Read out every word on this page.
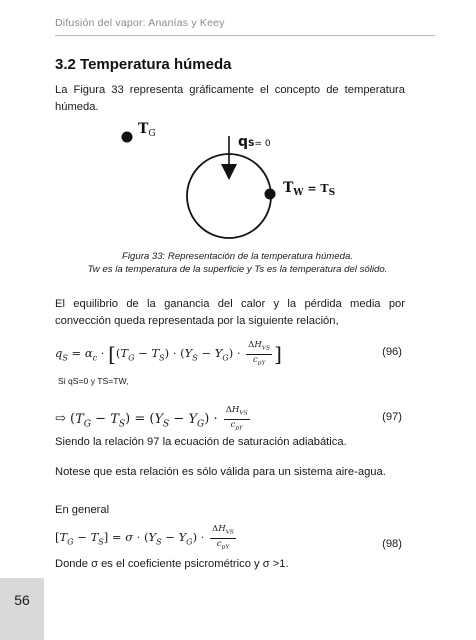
Difusión del vapor: Ananías y Keey
3.2 Temperatura húmeda

La Figura 33 representa gráficamente el concepto de temperatura húmeda.

$T_G$	qS= 0
$T_W$ $^{= T}_S$
Figura 33: Representación de la temperatura húmeda.
Tw es la temperatura de la superficie y Ts es la temperatura del sólido.

El equilibrio de la ganancia del calor y la pérdida media por convección queda representada por la siguiente relación,

$q_S = \alpha_c \cdot [(T_G - T_S) \cdot (Y_S - Y_G) \cdot \frac{\Delta H_{VS}}{c_{pY}}$ ]	(96)
Si qS=0 y TS=TW,
⇨ $(T_G - T_S) = (Y_S - Y_G) \cdot \frac{\Delta H_{VS}}{c_{pY}}$	(97)

Siendo la relación 97 la ecuación de saturación adiabática.

Notese que esta relación es sólo válida para un sistema aire-agua.

En general

$[T_G - T_S] = \sigma \cdot (Y_S - Y_G) \cdot \frac{\Delta H_{VS}}{c_{pY}}$	(98)

Donde σ es el coeficiente psicrométrico y σ >1.

56
